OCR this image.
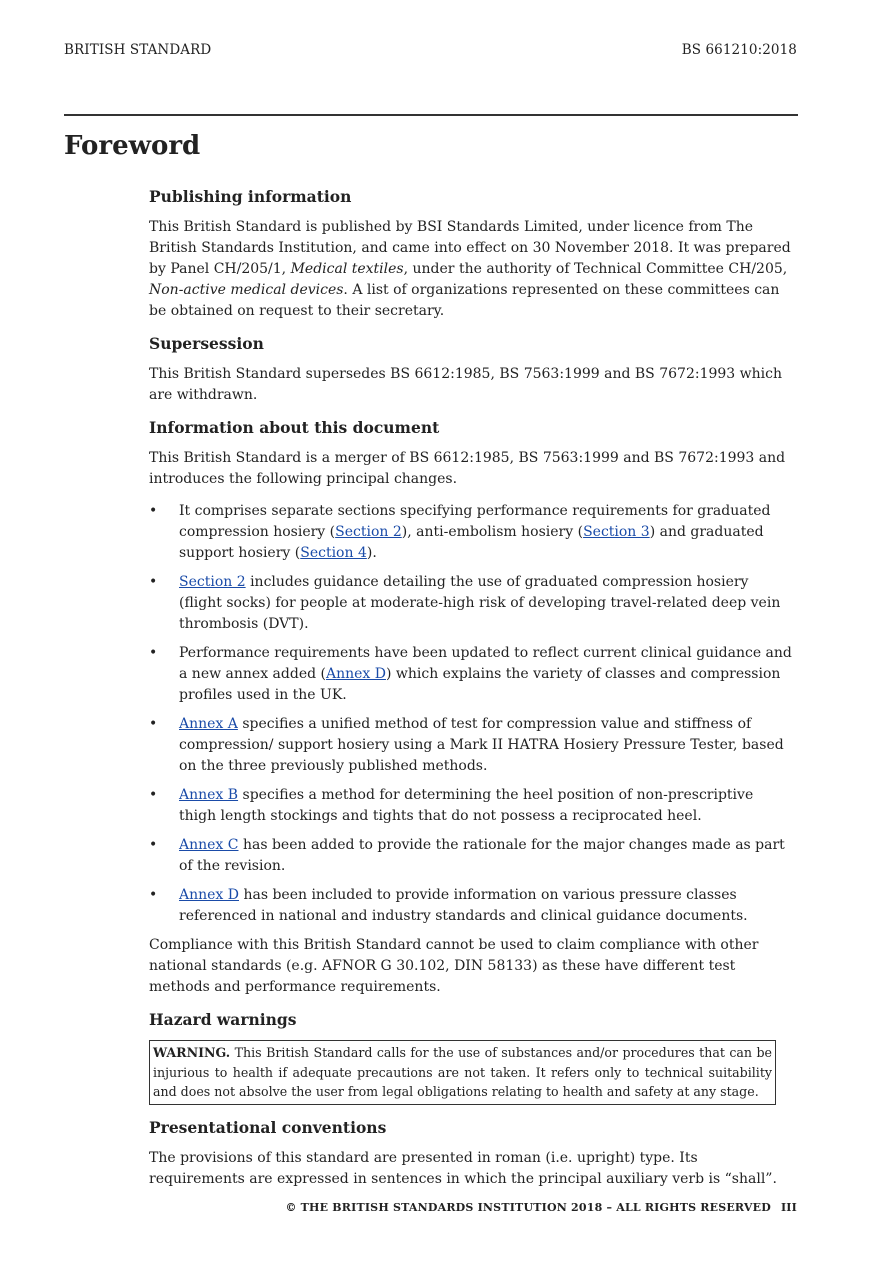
BRITISH STANDARD	BS 661210:2018
Foreword
Publishing information

This British Standard is published by BSI Standards Limited, under licence from The British Standards Institution, and came into effect on 30 November 2018. It was prepared by Panel CH/205/1, Medical textiles, under the authority of Technical Committee CH/205, Non-active medical devices. A list of organizations represented on these committees can be obtained on request to their secretary.

Supersession

This British Standard supersedes BS 6612:1985, BS 7563:1999 and BS 7672:1993 which are withdrawn.

Information about this document

This British Standard is a merger of BS 6612:1985, BS 7563:1999 and BS 7672:1993 and introduces the following principal changes.

• It comprises separate sections specifying performance requirements for graduated compression hosiery (Section 2), anti-embolism hosiery (Section 3) and graduated support hosiery (Section 4).
• Section 2 includes guidance detailing the use of graduated compression hosiery (flight socks) for people at moderate-high risk of developing travel-related deep vein thrombosis (DVT).
• Performance requirements have been updated to reflect current clinical guidance and a new annex added (Annex D) which explains the variety of classes and compression profiles used in the UK.
• Annex A specifies a unified method of test for compression value and stiffness of compression/ support hosiery using a Mark II HATRA Hosiery Pressure Tester, based on the three previously published methods.
• Annex B specifies a method for determining the heel position of non-prescriptive thigh length stockings and tights that do not possess a reciprocated heel.
• Annex C has been added to provide the rationale for the major changes made as part of the revision.
• Annex D has been included to provide information on various pressure classes referenced in national and industry standards and clinical guidance documents.

Compliance with this British Standard cannot be used to claim compliance with other national standards (e.g. AFNOR G 30.102, DIN 58133) as these have different test methods and performance requirements.

Hazard warnings
WARNING. This British Standard calls for the use of substances and/or procedures that can be injurious to health if adequate precautions are not taken. It refers only to technical suitability and does not absolve the user from legal obligations relating to health and safety at any stage.
Presentational conventions

The provisions of this standard are presented in roman (i.e. upright) type. Its requirements are expressed in sentences in which the principal auxiliary verb is “shall”.

© THE BRITISH STANDARDS INSTITUTION 2018 – ALL RIGHTS RESERVED III
